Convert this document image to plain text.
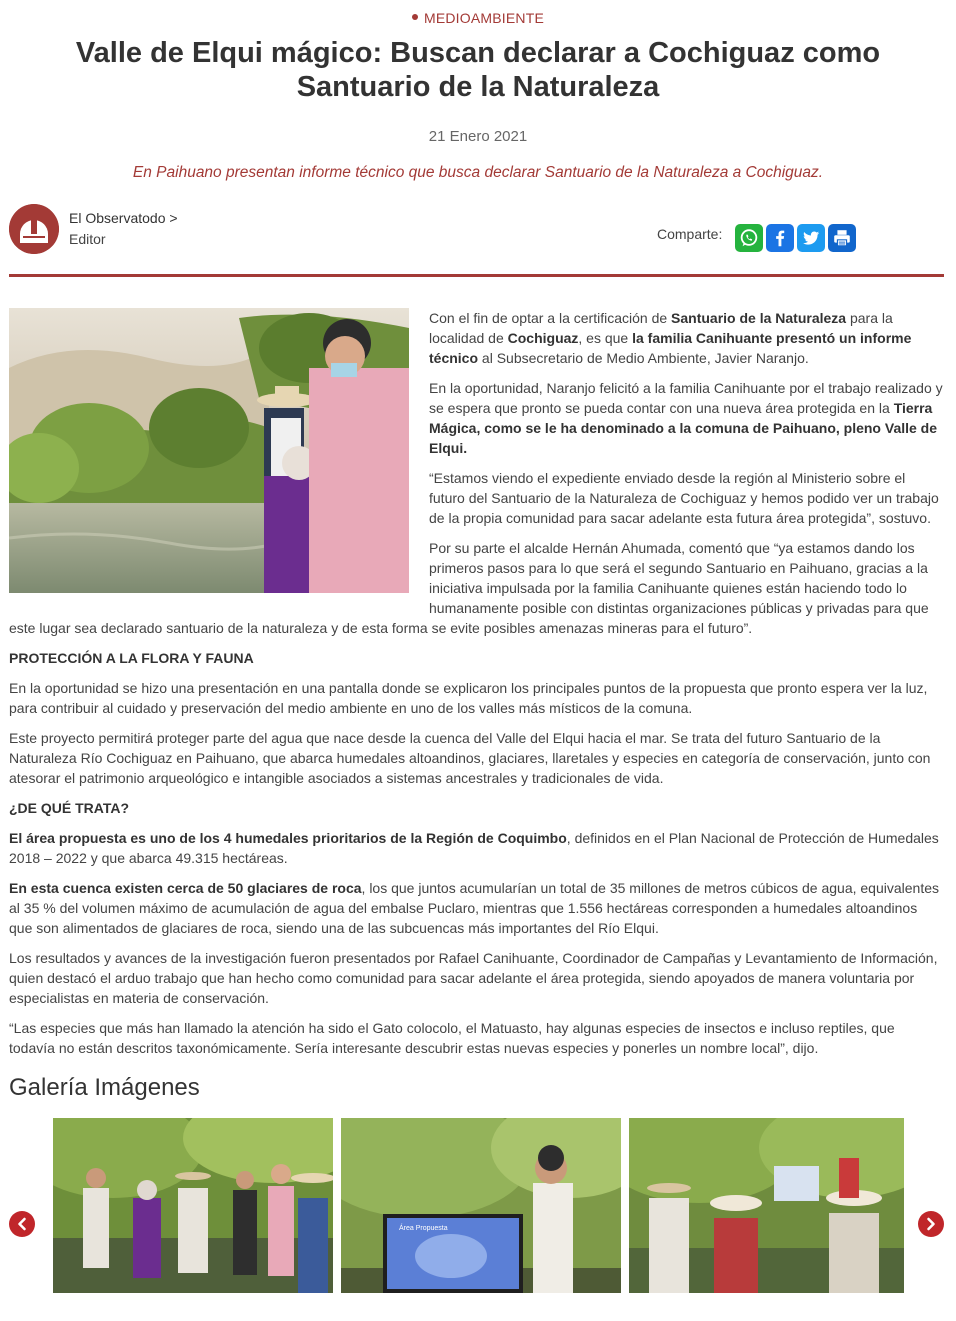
MEDIOAMBIENTE
Valle de Elqui mágico: Buscan declarar a Cochiguaz como Santuario de la Naturaleza
21 Enero 2021
En Paihuano presentan informe técnico que busca declarar Santuario de la Naturaleza a Cochiguaz.
El Observatodo >
Editor	Comparte:

Con el fin de optar a la certificación de Santuario de la Naturaleza para la localidad de Cochiguaz, es que la familia Canihuante presentó un informe técnico al Subsecretario de Medio Ambiente, Javier Naranjo.

En la oportunidad, Naranjo felicitó a la familia Canihuante por el trabajo realizado y se espera que pronto se pueda contar con una nueva área protegida en la Tierra Mágica, como se le ha denominado a la comuna de Paihuano, pleno Valle de Elqui.

“Estamos viendo el expediente enviado desde la región al Ministerio sobre el futuro del Santuario de la Naturaleza de Cochiguaz y hemos podido ver un trabajo de la propia comunidad para sacar adelante esta futura área protegida”, sostuvo.

Por su parte el alcalde Hernán Ahumada, comentó que “ya estamos dando los primeros pasos para lo que será el segundo Santuario en Paihuano, gracias a la iniciativa impulsada por la familia Canihuante quienes están haciendo todo lo humanamente posible con distintas organizaciones públicas y privadas para que este lugar sea declarado santuario de la naturaleza y de esta forma se evite posibles amenazas mineras para el futuro”.

PROTECCIÓN A LA FLORA Y FAUNA

En la oportunidad se hizo una presentación en una pantalla donde se explicaron los principales puntos de la propuesta que pronto espera ver la luz, para contribuir al cuidado y preservación del medio ambiente en uno de los valles más místicos de la comuna.

Este proyecto permitirá proteger parte del agua que nace desde la cuenca del Valle del Elqui hacia el mar. Se trata del futuro Santuario de la Naturaleza Río Cochiguaz en Paihuano, que abarca humedales altoandinos, glaciares, llaretales y especies en categoría de conservación, junto con atesorar el patrimonio arqueológico e intangible asociados a sistemas ancestrales y tradicionales de vida.

¿DE QUÉ TRATA?

El área propuesta es uno de los 4 humedales prioritarios de la Región de Coquimbo, definidos en el Plan Nacional de Protección de Humedales 2018 – 2022 y que abarca 49.315 hectáreas.

En esta cuenca existen cerca de 50 glaciares de roca, los que juntos acumularían un total de 35 millones de metros cúbicos de agua, equivalentes al 35 % del volumen máximo de acumulación de agua del embalse Puclaro, mientras que 1.556 hectáreas corresponden a humedales altoandinos que son alimentados de glaciares de roca, siendo una de las subcuencas más importantes del Río Elqui.

Los resultados y avances de la investigación fueron presentados por Rafael Canihuante, Coordinador de Campañas y Levantamiento de Información, quien destacó el arduo trabajo que han hecho como comunidad para sacar adelante el área protegida, siendo apoyados de manera voluntaria por especialistas en materia de conservación.

“Las especies que más han llamado la atención ha sido el Gato colocolo, el Matuasto, hay algunas especies de insectos e incluso reptiles, que todavía no están descritos taxonómicamente. Sería interesante descubrir estas nuevas especies y ponerles un nombre local”, dijo.

Galería Imágenes
Área Propuesta
